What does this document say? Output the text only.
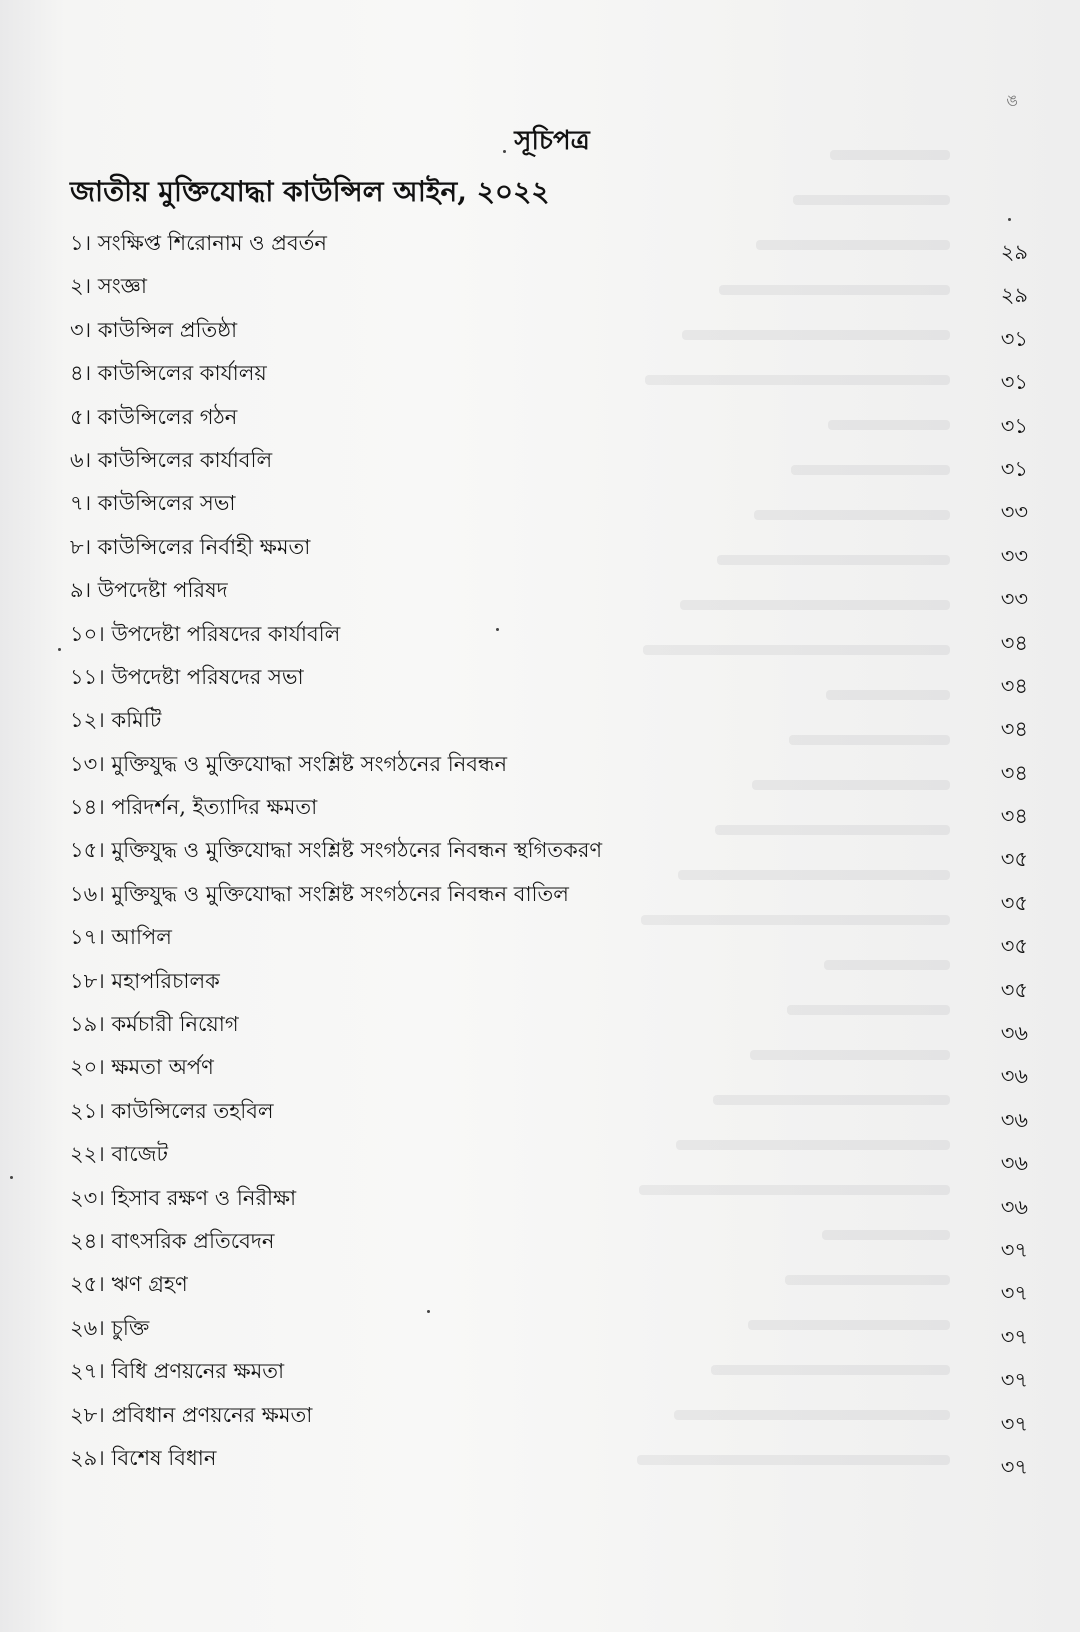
ঙ
সূচিপত্র
জাতীয় মুক্তিযোদ্ধা কাউন্সিল আইন, ২০২২
১। সংক্ষিপ্ত শিরোনাম ও প্রবর্তন	২৯
২। সংজ্ঞা	২৯
৩। কাউন্সিল প্রতিষ্ঠা	৩১
৪। কাউন্সিলের কার্যালয়	৩১
৫। কাউন্সিলের গঠন	৩১
৬। কাউন্সিলের কার্যাবলি	৩১
৭। কাউন্সিলের সভা	৩৩
৮। কাউন্সিলের নির্বাহী ক্ষমতা	৩৩
৯। উপদেষ্টা পরিষদ	৩৩
১০। উপদেষ্টা পরিষদের কার্যাবলি	৩৪
১১। উপদেষ্টা পরিষদের সভা	৩৪
১২। কমিটি	৩৪
১৩। মুক্তিযুদ্ধ ও মুক্তিযোদ্ধা সংশ্লিষ্ট সংগঠনের নিবন্ধন	৩৪
১৪। পরিদর্শন, ইত্যাদির ক্ষমতা	৩৪
১৫। মুক্তিযুদ্ধ ও মুক্তিযোদ্ধা সংশ্লিষ্ট সংগঠনের নিবন্ধন স্থগিতকরণ	৩৫
১৬। মুক্তিযুদ্ধ ও মুক্তিযোদ্ধা সংশ্লিষ্ট সংগঠনের নিবন্ধন বাতিল	৩৫
১৭। আপিল	৩৫
১৮। মহাপরিচালক	৩৫
১৯। কর্মচারী নিয়োগ	৩৬
২০। ক্ষমতা অর্পণ	৩৬
২১। কাউন্সিলের তহবিল	৩৬
২২। বাজেট	৩৬
২৩। হিসাব রক্ষণ ও নিরীক্ষা	৩৬
২৪। বাৎসরিক প্রতিবেদন	৩৭
২৫। ঋণ গ্রহণ	৩৭
২৬। চুক্তি	৩৭
২৭। বিধি প্রণয়নের ক্ষমতা	৩৭
২৮। প্রবিধান প্রণয়নের ক্ষমতা	৩৭
২৯। বিশেষ বিধান	৩৭
